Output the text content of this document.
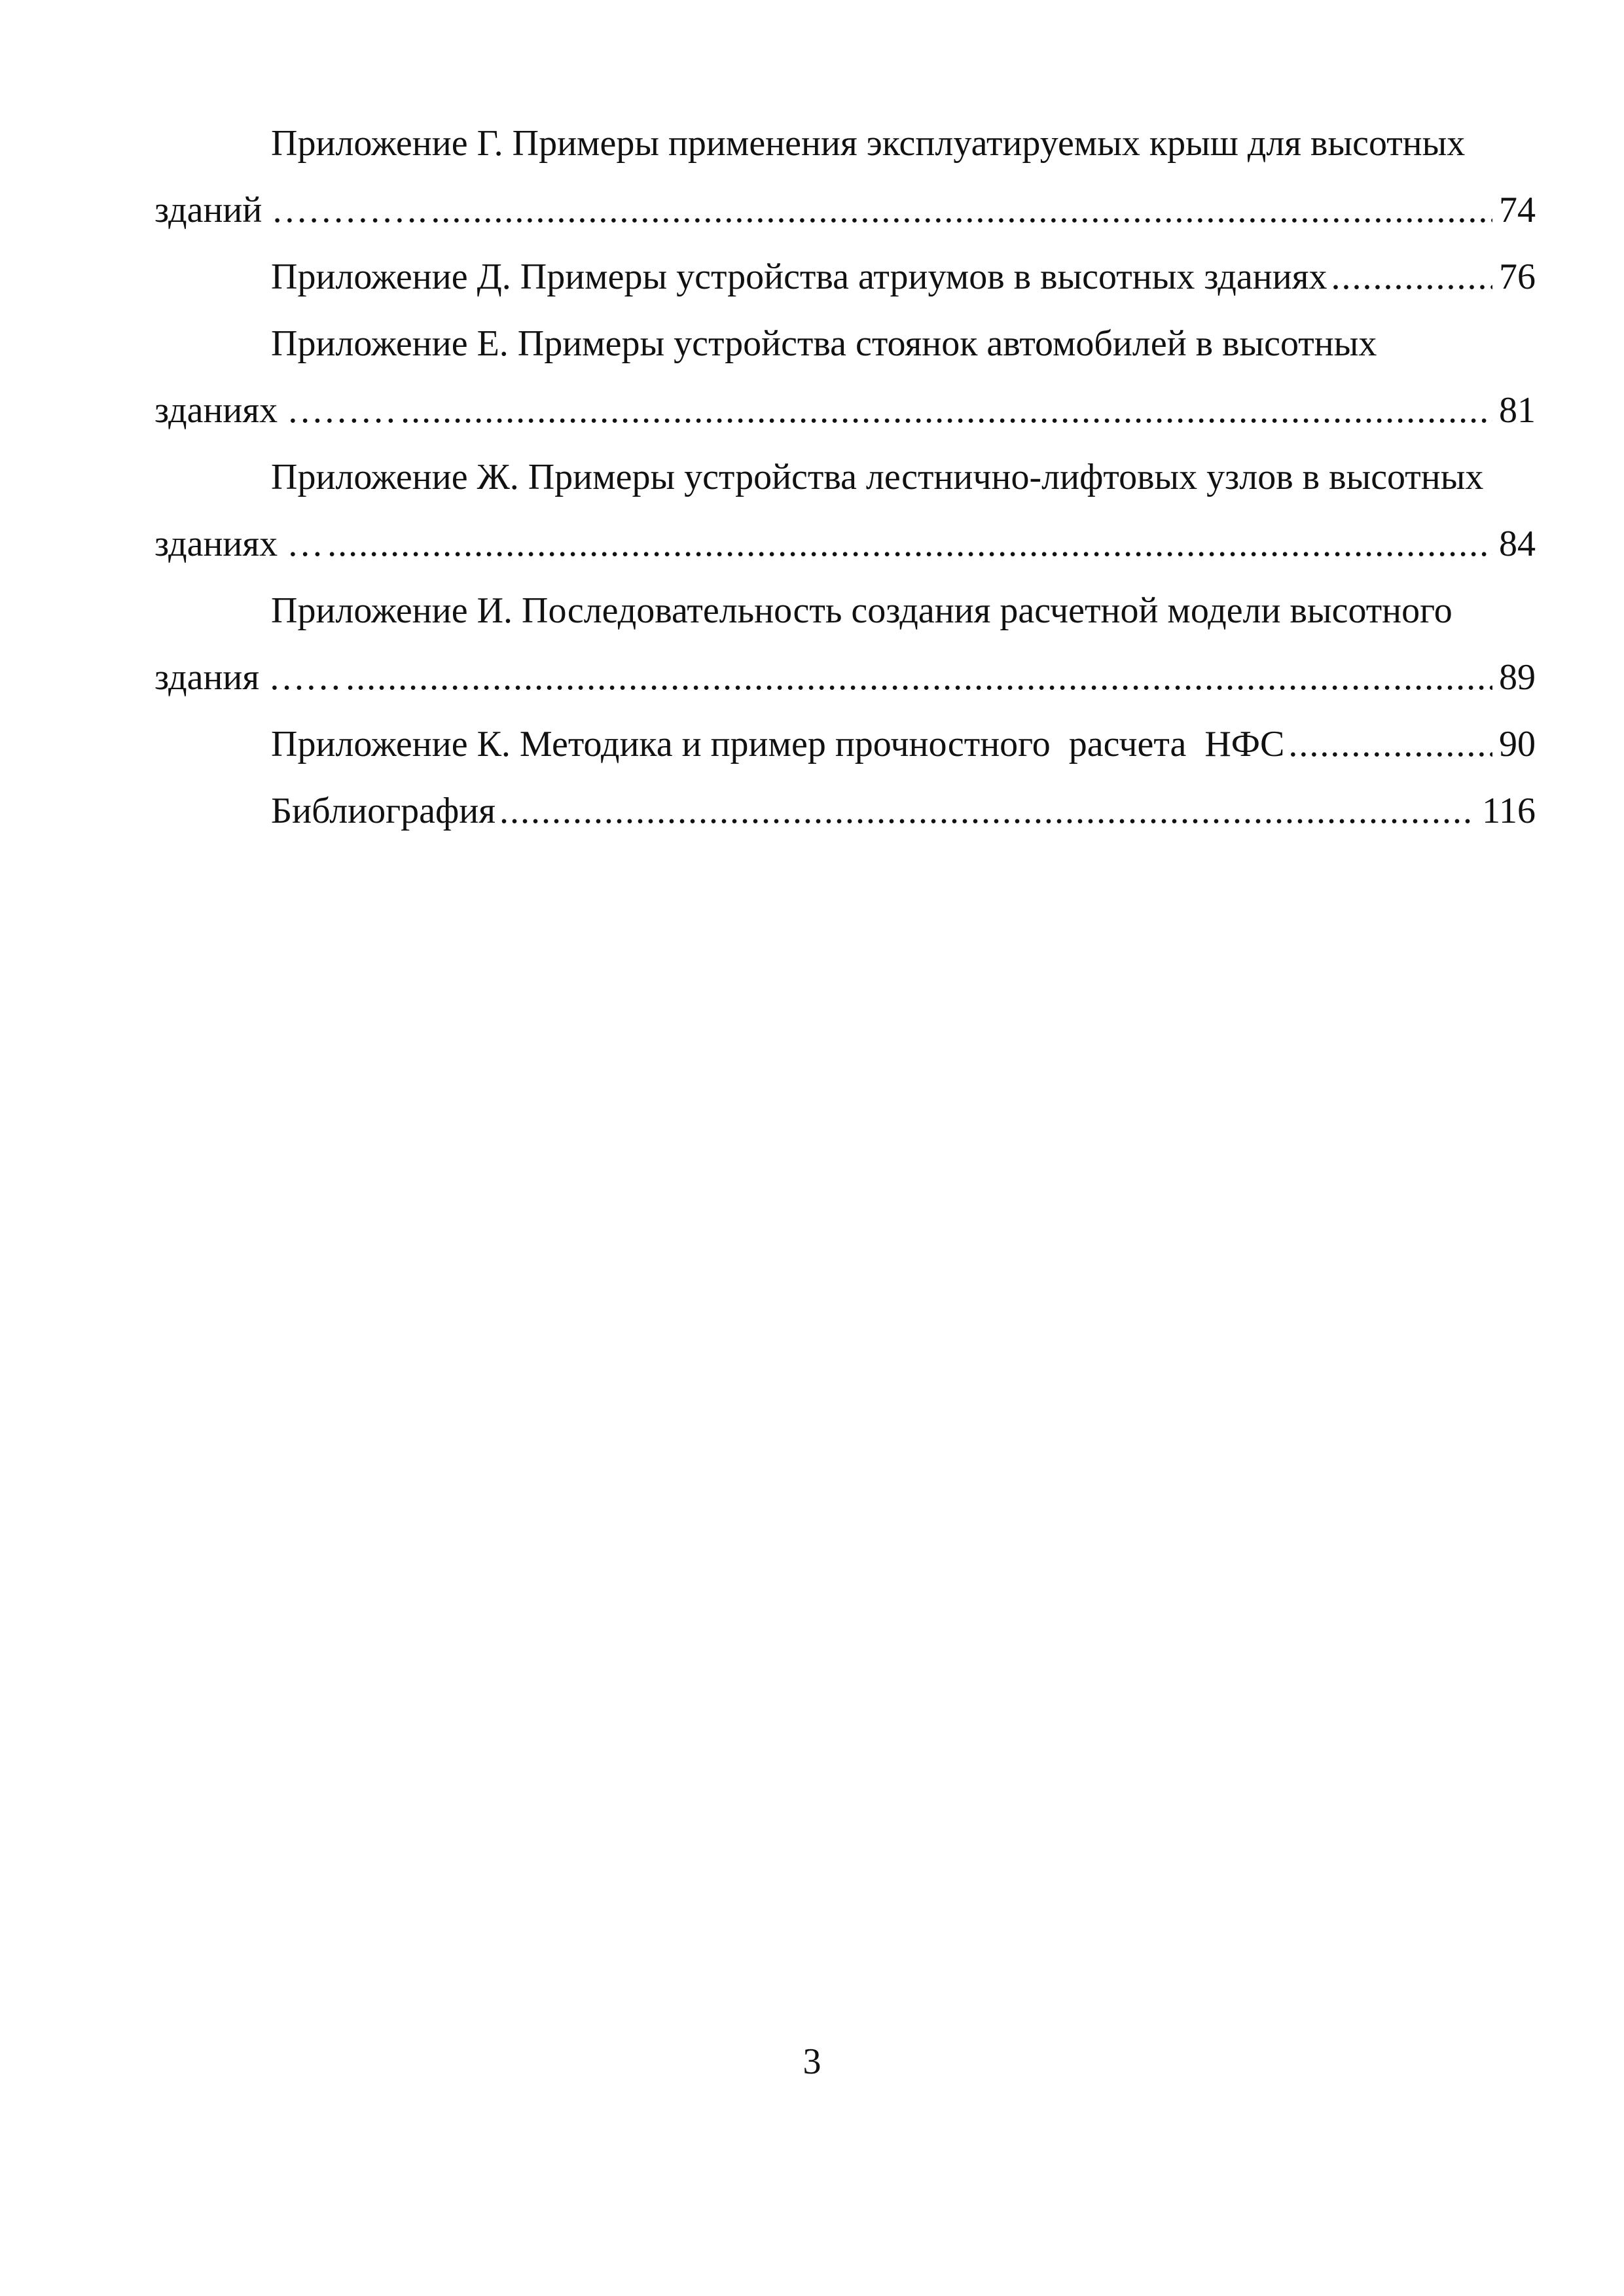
Приложение Г. Примеры применения эксплуатируемых крыш для высотных
зданий …………. .....	74
Приложение Д. Примеры устройства атриумов в высотных зданиях .....	76
Приложение Е. Примеры устройства стоянок автомобилей в высотных
зданиях ……… .....	81
Приложение Ж. Примеры устройства лестнично-лифтовых узлов в высотных
зданиях … .....	84
Приложение И. Последовательность создания расчетной модели высотного
здания …… .....	89
Приложение К. Методика и пример прочностного  расчета  НФС .....	90
Библиография .....	116
3
